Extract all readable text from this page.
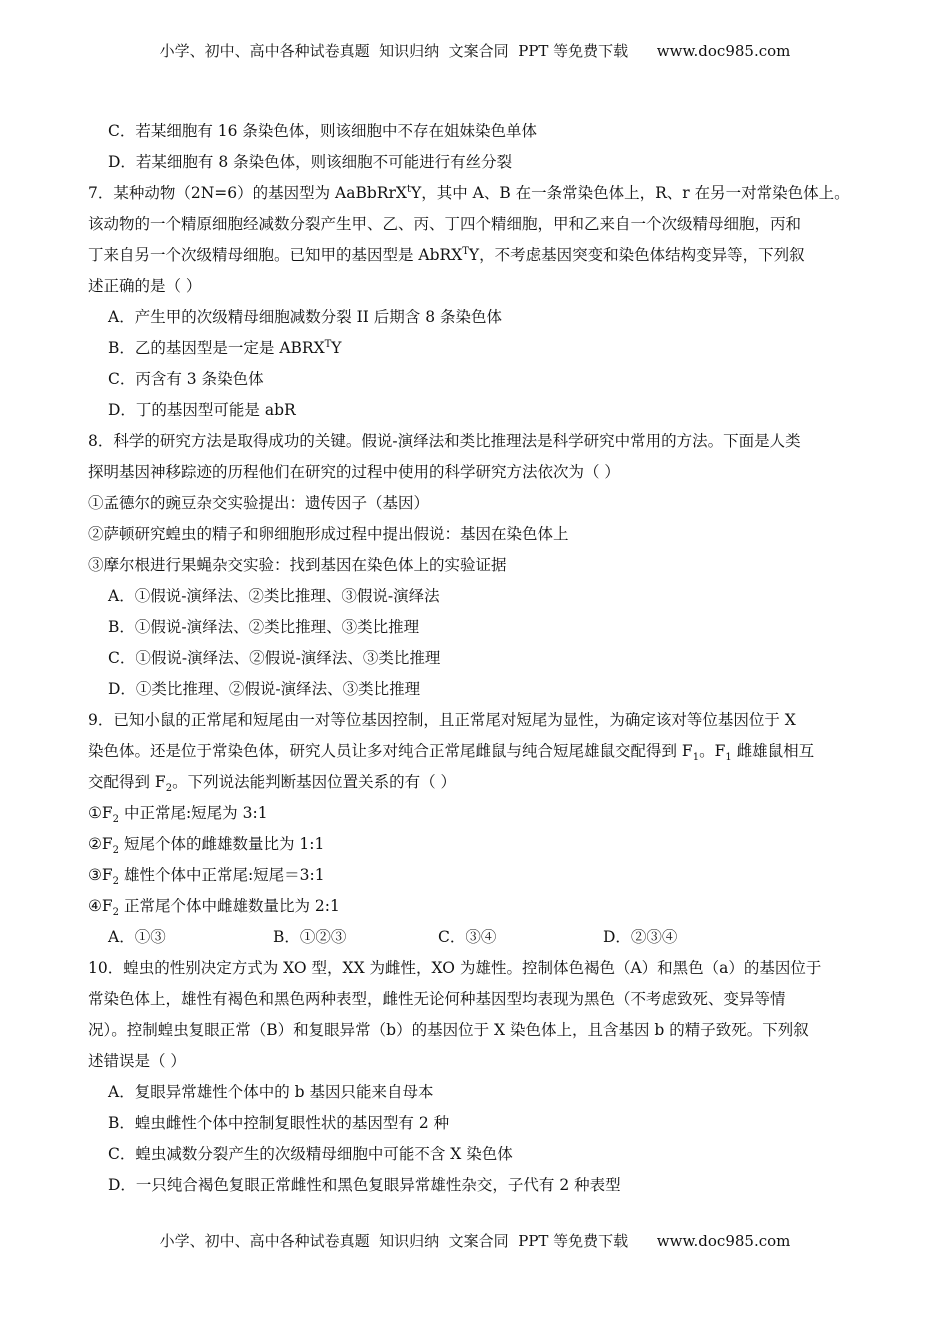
小学、初中、高中各种试卷真题  知识归纳  文案合同  PPT 等免费下载      www.doc985.com
C．若某细胞有 16 条染色体，则该细胞中不存在姐妹染色单体
D．若某细胞有 8 条染色体，则该细胞不可能进行有丝分裂
7．某种动物（2N=6）的基因型为 AaBbRrX$^t$Y，其中 A、B 在一条常染色体上，R、r 在另一对常染色体上。
该动物的一个精原细胞经减数分裂产生甲、乙、丙、丁四个精细胞，甲和乙来自一个次级精母细胞，丙和
丁来自另一个次级精母细胞。已知甲的基因型是 AbRX$^T$Y，不考虑基因突变和染色体结构变异等，下列叙
述正确的是（ ）
A．产生甲的次级精母细胞减数分裂 II 后期含 8 条染色体
B．乙的基因型是一定是 $ABRX^TY$
C．丙含有 3 条染色体
D．丁的基因型可能是 abR
8．科学的研究方法是取得成功的关键。假说-演绎法和类比推理法是科学研究中常用的方法。下面是人类
探明基因神移踪迹的历程他们在研究的过程中使用的科学研究方法依次为（ ）
①孟德尔的豌豆杂交实验提出：遗传因子（基因）
②萨顿研究蝗虫的精子和卵细胞形成过程中提出假说：基因在染色体上
③摩尔根进行果蝇杂交实验：找到基因在染色体上的实验证据
A．①假说-演绎法、②类比推理、③假说-演绎法
B．①假说-演绎法、②类比推理、③类比推理
C．①假说-演绎法、②假说-演绎法、③类比推理
D．①类比推理、②假说-演绎法、③类比推理
9．已知小鼠的正常尾和短尾由一对等位基因控制，且正常尾对短尾为显性，为确定该对等位基因位于 X
染色体。还是位于常染色体，研究人员让多对纯合正常尾雌鼠与纯合短尾雄鼠交配得到 $F_1$。$F_1$ 雌雄鼠相互
交配得到 $F_2$。下列说法能判断基因位置关系的有（ ）
$①F_2$ 中正常尾:短尾为 3:1
$②F_2$ 短尾个体的雌雄数量比为 1:1
$③F_2$ 雄性个体中正常尾:短尾＝3:1
$④F_2$ 正常尾个体中雌雄数量比为 2:1
A．①③	B．①②③	C．③④	D．②③④
10．蝗虫的性别决定方式为 XO 型，XX 为雌性，XO 为雄性。控制体色褐色（A）和黑色（a）的基因位于
常染色体上，雄性有褐色和黑色两种表型，雌性无论何种基因型均表现为黑色（不考虑致死、变异等情
况）。控制蝗虫复眼正常（B）和复眼异常（b）的基因位于 X 染色体上，且含基因 b 的精子致死。下列叙
述错误是（ ）
A．复眼异常雄性个体中的 b 基因只能来自母本
B．蝗虫雌性个体中控制复眼性状的基因型有 2 种
C．蝗虫减数分裂产生的次级精母细胞中可能不含 X 染色体
D．一只纯合褐色复眼正常雌性和黑色复眼异常雄性杂交，子代有 2 种表型
小学、初中、高中各种试卷真题  知识归纳  文案合同  PPT 等免费下载      www.doc985.com
